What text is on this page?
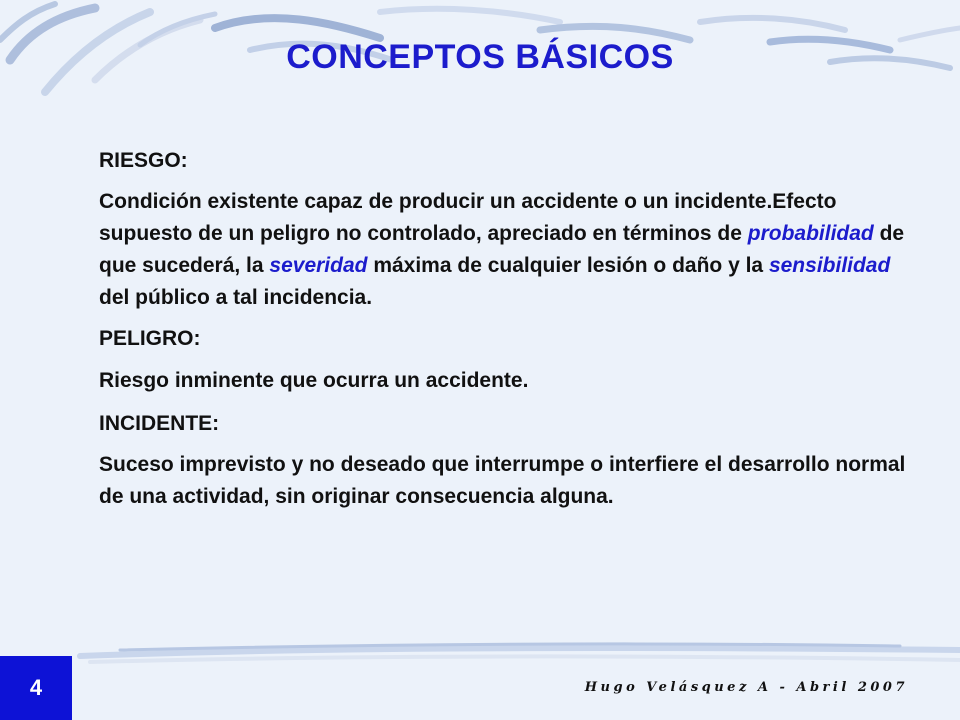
CONCEPTOS BÁSICOS

RIESGO:

Condición existente capaz de producir un accidente o un incidente.Efecto supuesto de un peligro no controlado, apreciado en términos de probabilidad de que sucederá, la severidad máxima de cualquier lesión o daño y la sensibilidad del público a tal incidencia.

PELIGRO:

Riesgo inminente que ocurra un accidente.

INCIDENTE:

Suceso imprevisto y no deseado que interrumpe o interfiere el desarrollo normal de una actividad, sin originar consecuencia alguna.

4	Hugo Velásquez A - Abril 2007
